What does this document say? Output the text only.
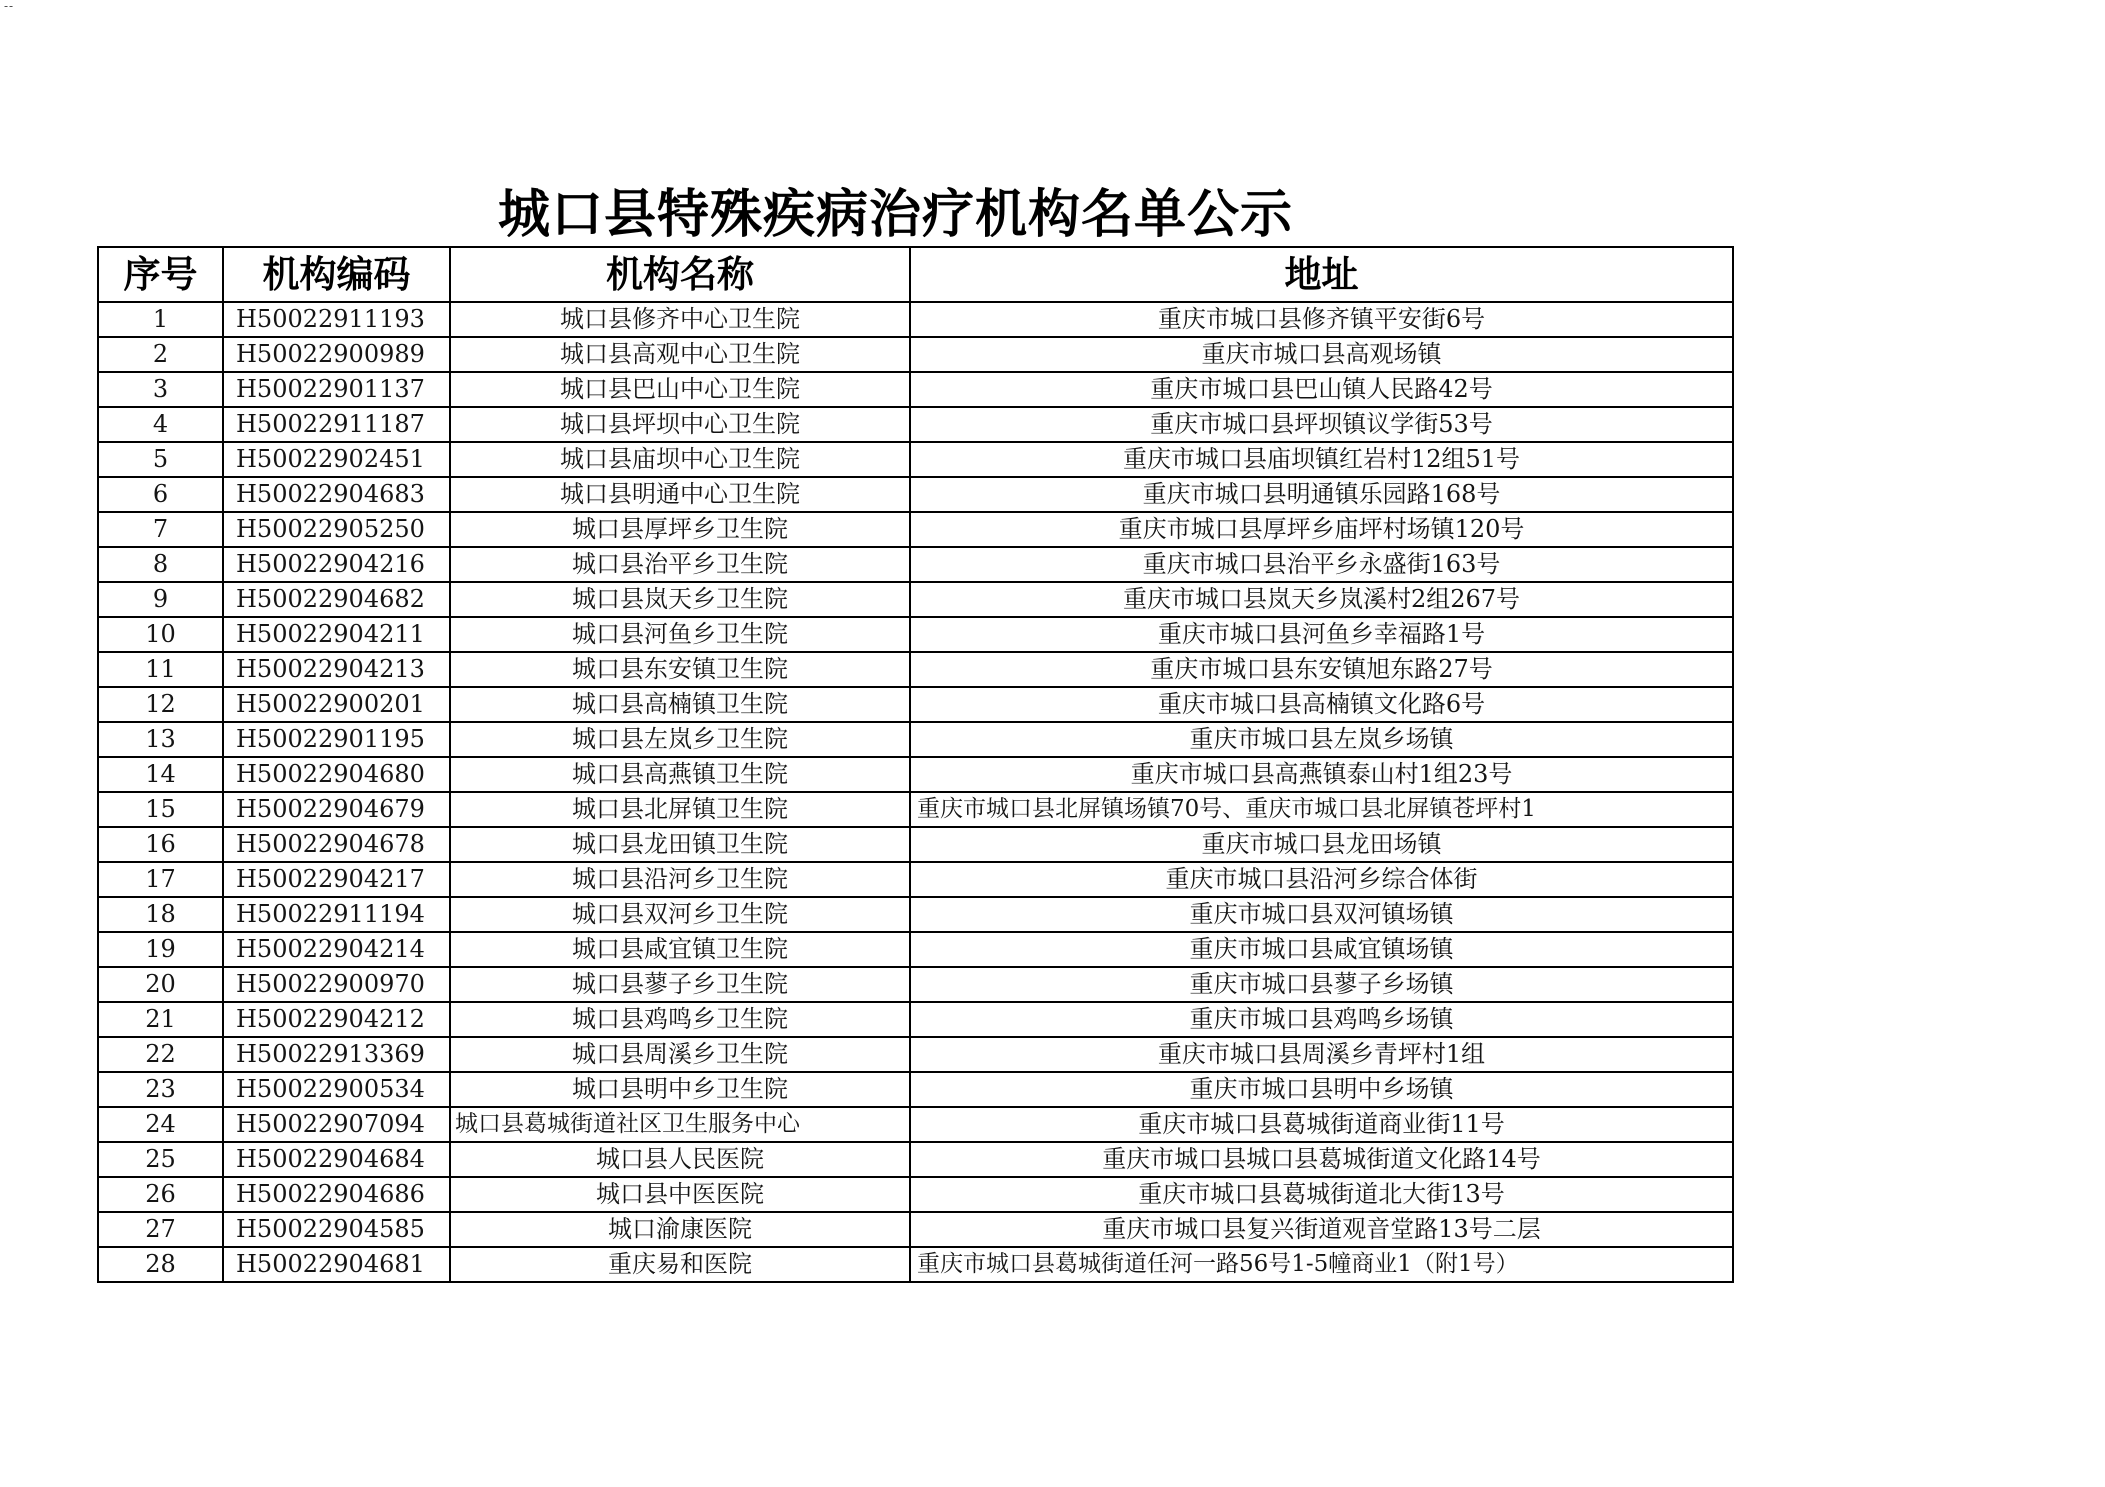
--
城口县特殊疾病治疗机构名单公示
序号	机构编码	机构名称	地址
1	H50022911193	城口县修齐中心卫生院	重庆市城口县修齐镇平安街6号
2	H50022900989	城口县高观中心卫生院	重庆市城口县高观场镇
3	H50022901137	城口县巴山中心卫生院	重庆市城口县巴山镇人民路42号
4	H50022911187	城口县坪坝中心卫生院	重庆市城口县坪坝镇议学街53号
5	H50022902451	城口县庙坝中心卫生院	重庆市城口县庙坝镇红岩村12组51号
6	H50022904683	城口县明通中心卫生院	重庆市城口县明通镇乐园路168号
7	H50022905250	城口县厚坪乡卫生院	重庆市城口县厚坪乡庙坪村场镇120号
8	H50022904216	城口县治平乡卫生院	重庆市城口县治平乡永盛街163号
9	H50022904682	城口县岚天乡卫生院	重庆市城口县岚天乡岚溪村2组267号
10	H50022904211	城口县河鱼乡卫生院	重庆市城口县河鱼乡幸福路1号
11	H50022904213	城口县东安镇卫生院	重庆市城口县东安镇旭东路27号
12	H50022900201	城口县高楠镇卫生院	重庆市城口县高楠镇文化路6号
13	H50022901195	城口县左岚乡卫生院	重庆市城口县左岚乡场镇
14	H50022904680	城口县高燕镇卫生院	重庆市城口县高燕镇泰山村1组23号
15	H50022904679	城口县北屏镇卫生院	重庆市城口县北屏镇场镇70号、重庆市城口县北屏镇苍坪村1
16	H50022904678	城口县龙田镇卫生院	重庆市城口县龙田场镇
17	H50022904217	城口县沿河乡卫生院	重庆市城口县沿河乡综合体街
18	H50022911194	城口县双河乡卫生院	重庆市城口县双河镇场镇
19	H50022904214	城口县咸宜镇卫生院	重庆市城口县咸宜镇场镇
20	H50022900970	城口县蓼子乡卫生院	重庆市城口县蓼子乡场镇
21	H50022904212	城口县鸡鸣乡卫生院	重庆市城口县鸡鸣乡场镇
22	H50022913369	城口县周溪乡卫生院	重庆市城口县周溪乡青坪村1组
23	H50022900534	城口县明中乡卫生院	重庆市城口县明中乡场镇
24	H50022907094	城口县葛城街道社区卫生服务中心	重庆市城口县葛城街道商业街11号
25	H50022904684	城口县人民医院	重庆市城口县城口县葛城街道文化路14号
26	H50022904686	城口县中医医院	重庆市城口县葛城街道北大街13号
27	H50022904585	城口渝康医院	重庆市城口县复兴街道观音堂路13号二层
28	H50022904681	重庆易和医院	重庆市城口县葛城街道任河一路56号1-5幢商业1（附1号）
